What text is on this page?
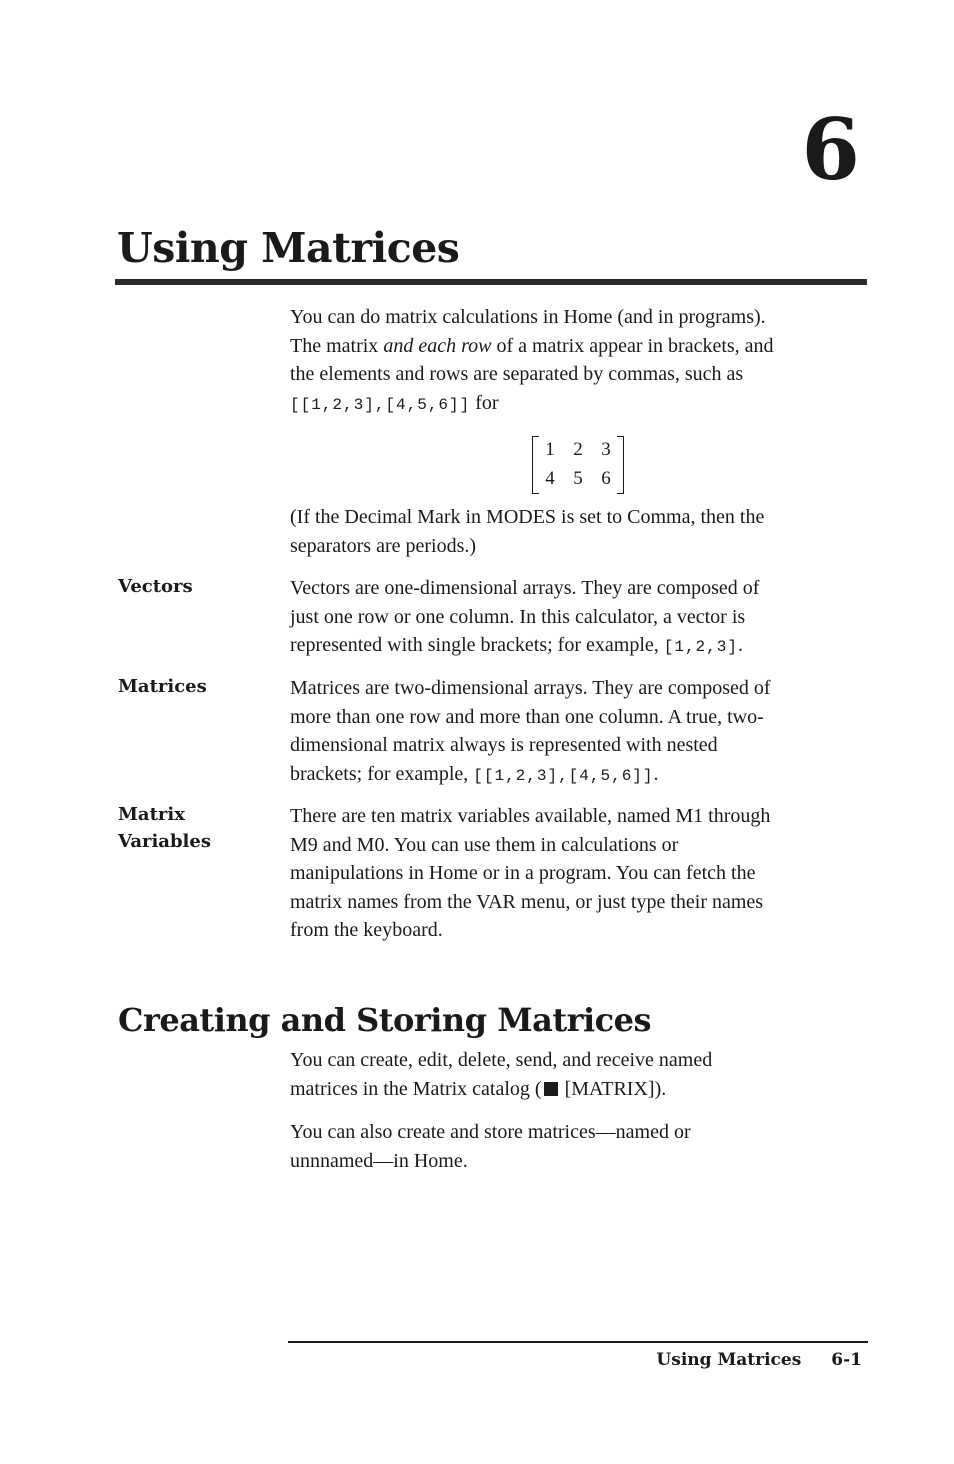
6
Using Matrices

You can do matrix calculations in Home (and in programs).

The matrix and each row of a matrix appear in brackets, and

the elements and rows are separated by commas, such as

[[1,2,3],[4,5,6]] for

1 2 3
4 5 6

(If the Decimal Mark in MODES is set to Comma, then the

separators are periods.)

Vectors	Vectors are one-dimensional arrays. They are composed of

just one row or one column. In this calculator, a vector is

represented with single brackets; for example, [1,2,3].

Matrices	Matrices are two-dimensional arrays. They are composed of

more than one row and more than one column. A true, two-

dimensional matrix always is represented with nested

brackets; for example, [[1,2,3],[4,5,6]].

Matrix
Variables

There are ten matrix variables available, named M1 through

M9 and M0. You can use them in calculations or

manipulations in Home or in a program. You can fetch the

matrix names from the VAR menu, or just type their names

from the keyboard.

Creating and Storing Matrices

You can create, edit, delete, send, and receive named

matrices in the Matrix catalog ( [MATRIX]).

You can also create and store matrices—named or

unnnamed—in Home.

Using Matrices 6-1
